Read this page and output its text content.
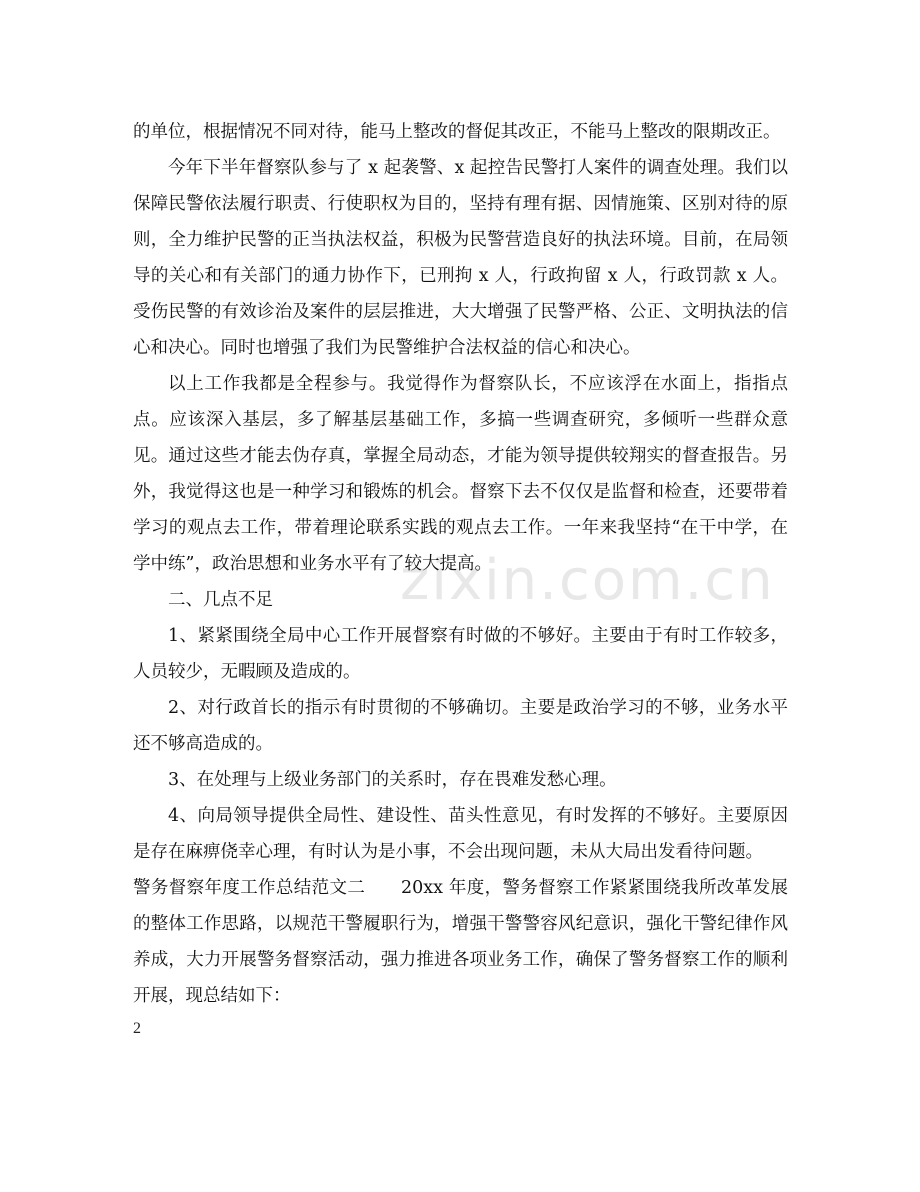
zixin.com.cn

的单位，根据情况不同对待，能马上整改的督促其改正，不能马上整改的限期改正。

今年下半年督察队参与了 x 起袭警、x 起控告民警打人案件的调查处理。我们以保障民警依法履行职责、行使职权为目的，坚持有理有据、因情施策、区别对待的原则，全力维护民警的正当执法权益，积极为民警营造良好的执法环境。目前，在局领导的关心和有关部门的通力协作下，已刑拘 x 人，行政拘留 x 人，行政罚款 x 人。受伤民警的有效诊治及案件的层层推进，大大增强了民警严格、公正、文明执法的信心和决心。同时也增强了我们为民警维护合法权益的信心和决心。

以上工作我都是全程参与。我觉得作为督察队长，不应该浮在水面上，指指点点。应该深入基层，多了解基层基础工作，多搞一些调查研究，多倾听一些群众意见。通过这些才能去伪存真，掌握全局动态，才能为领导提供较翔实的督查报告。另外，我觉得这也是一种学习和锻炼的机会。督察下去不仅仅是监督和检查，还要带着学习的观点去工作，带着理论联系实践的观点去工作。一年来我坚持“在干中学，在学中练”，政治思想和业务水平有了较大提高。

二、几点不足

1、紧紧围绕全局中心工作开展督察有时做的不够好。主要由于有时工作较多，人员较少，无暇顾及造成的。

2、对行政首长的指示有时贯彻的不够确切。主要是政治学习的不够，业务水平还不够高造成的。

3、在处理与上级业务部门的关系时，存在畏难发愁心理。

4、向局领导提供全局性、建设性、苗头性意见，有时发挥的不够好。主要原因是存在麻痹侥幸心理，有时认为是小事，不会出现问题，未从大局出发看待问题。

警务督察年度工作总结范文二　　20xx 年度，警务督察工作紧紧围绕我所改革发展的整体工作思路，以规范干警履职行为，增强干警警容风纪意识，强化干警纪律作风养成，大力开展警务督察活动，强力推进各项业务工作，确保了警务督察工作的顺利开展，现总结如下：

2
